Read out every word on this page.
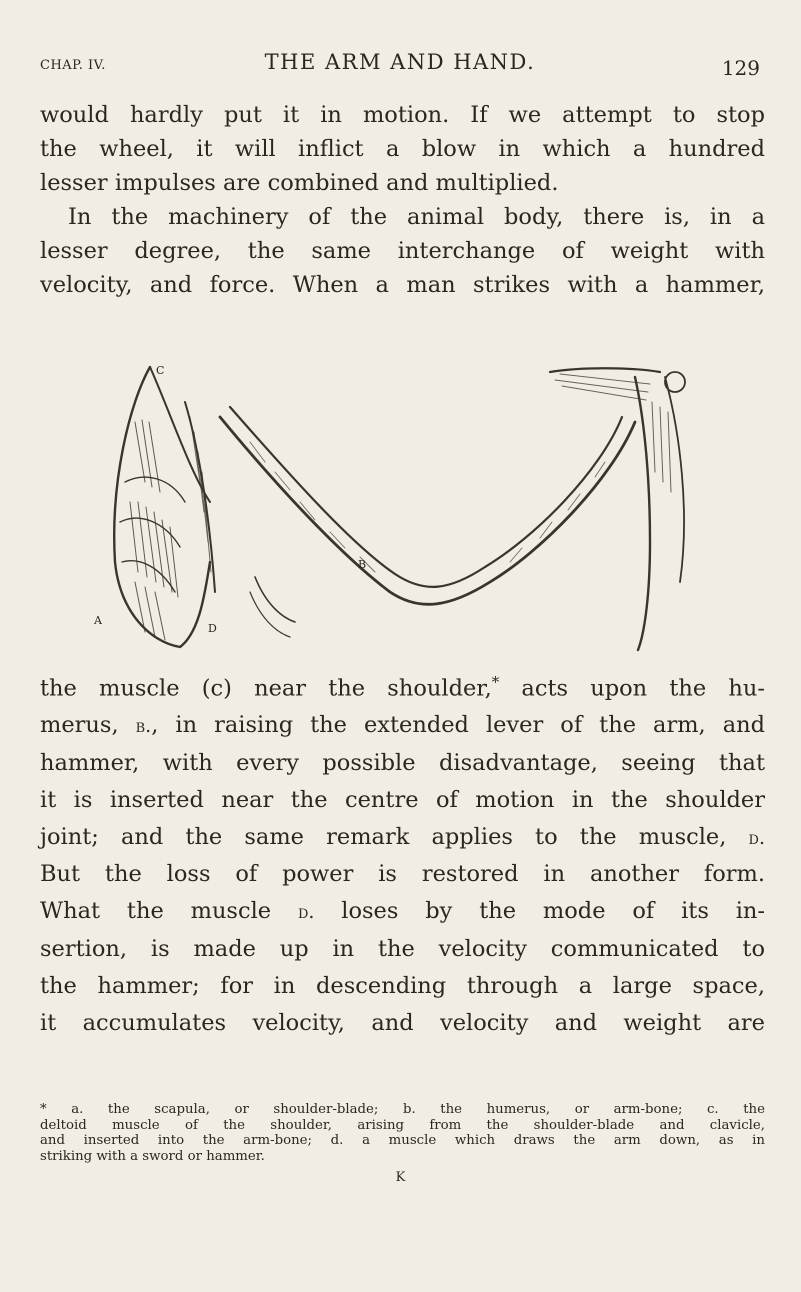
CHAP. IV.	THE ARM AND HAND.	129
would hardly put it in motion. If we attempt to stop
the wheel, it will inflict a blow in which a hundred
lesser impulses are combined and multiplied.
In the machinery of the animal body, there is, in a
lesser degree, the same interchange of weight with
velocity, and force. When a man strikes with a hammer,
C
A
B
D
the muscle (c) near the shoulder,* acts upon the hu-
merus, b., in raising the extended lever of the arm, and
hammer, with every possible disadvantage, seeing that
it is inserted near the centre of motion in the shoulder
joint; and the same remark applies to the muscle, d.
But the loss of power is restored in another form.
What the muscle d. loses by the mode of its in-
sertion, is made up in the velocity communicated to
the hammer; for in descending through a large space,
it accumulates velocity, and velocity and weight are
* a. the scapula, or shoulder-blade; b. the humerus, or arm-bone; c. the
deltoid muscle of the shoulder, arising from the shoulder-blade and clavicle,
and inserted into the arm-bone; d. a muscle which draws the arm down, as in
striking with a sword or hammer.
K
